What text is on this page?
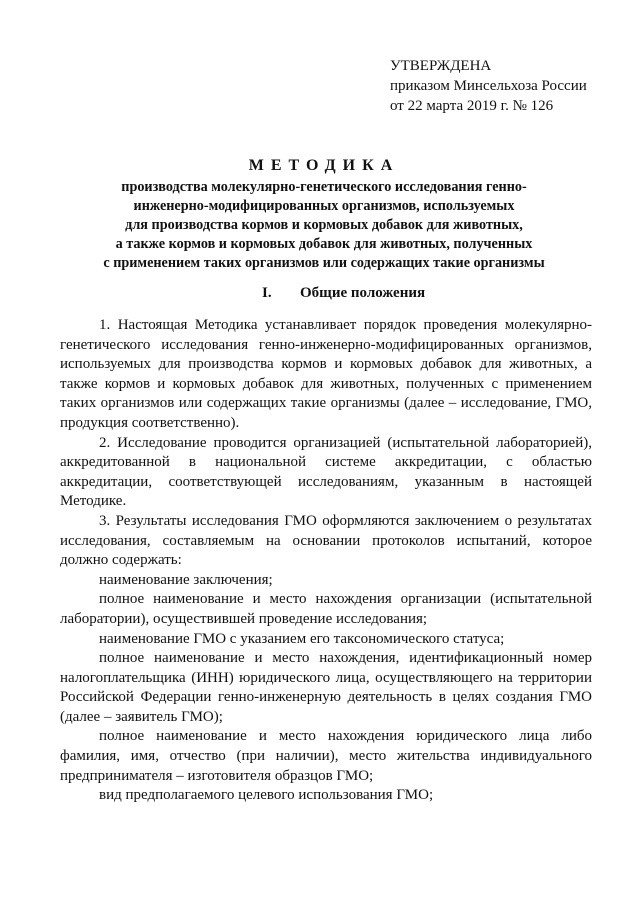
УТВЕРЖДЕНА
приказом Минсельхоза России
от 22 марта 2019 г. № 126
МЕТОДИКА
производства молекулярно-генетического исследования генно-
инженерно-модифицированных организмов, используемых
для производства кормов и кормовых добавок для животных,
а также кормов и кормовых добавок для животных, полученных
с применением таких организмов или содержащих такие организмы
I. Общие положения

1. Настоящая Методика устанавливает порядок проведения молекулярно-генетического исследования генно-инженерно-модифицированных организмов, используемых для производства кормов и кормовых добавок для животных, а также кормов и кормовых добавок для животных, полученных с применением таких организмов или содержащих такие организмы (далее – исследование, ГМО, продукция соответственно).

2. Исследование проводится организацией (испытательной лабораторией), аккредитованной в национальной системе аккредитации, с областью аккредитации, соответствующей исследованиям, указанным в настоящей Методике.

3. Результаты исследования ГМО оформляются заключением о результатах исследования, составляемым на основании протоколов испытаний, которое должно содержать:

наименование заключения;

полное наименование и место нахождения организации (испытательной лаборатории), осуществившей проведение исследования;

наименование ГМО с указанием его таксономического статуса;

полное наименование и место нахождения, идентификационный номер налогоплательщика (ИНН) юридического лица, осуществляющего на территории Российской Федерации генно-инженерную деятельность в целях создания ГМО (далее – заявитель ГМО);

полное наименование и место нахождения юридического лица либо фамилия, имя, отчество (при наличии), место жительства индивидуального предпринимателя – изготовителя образцов ГМО;

вид предполагаемого целевого использования ГМО;
